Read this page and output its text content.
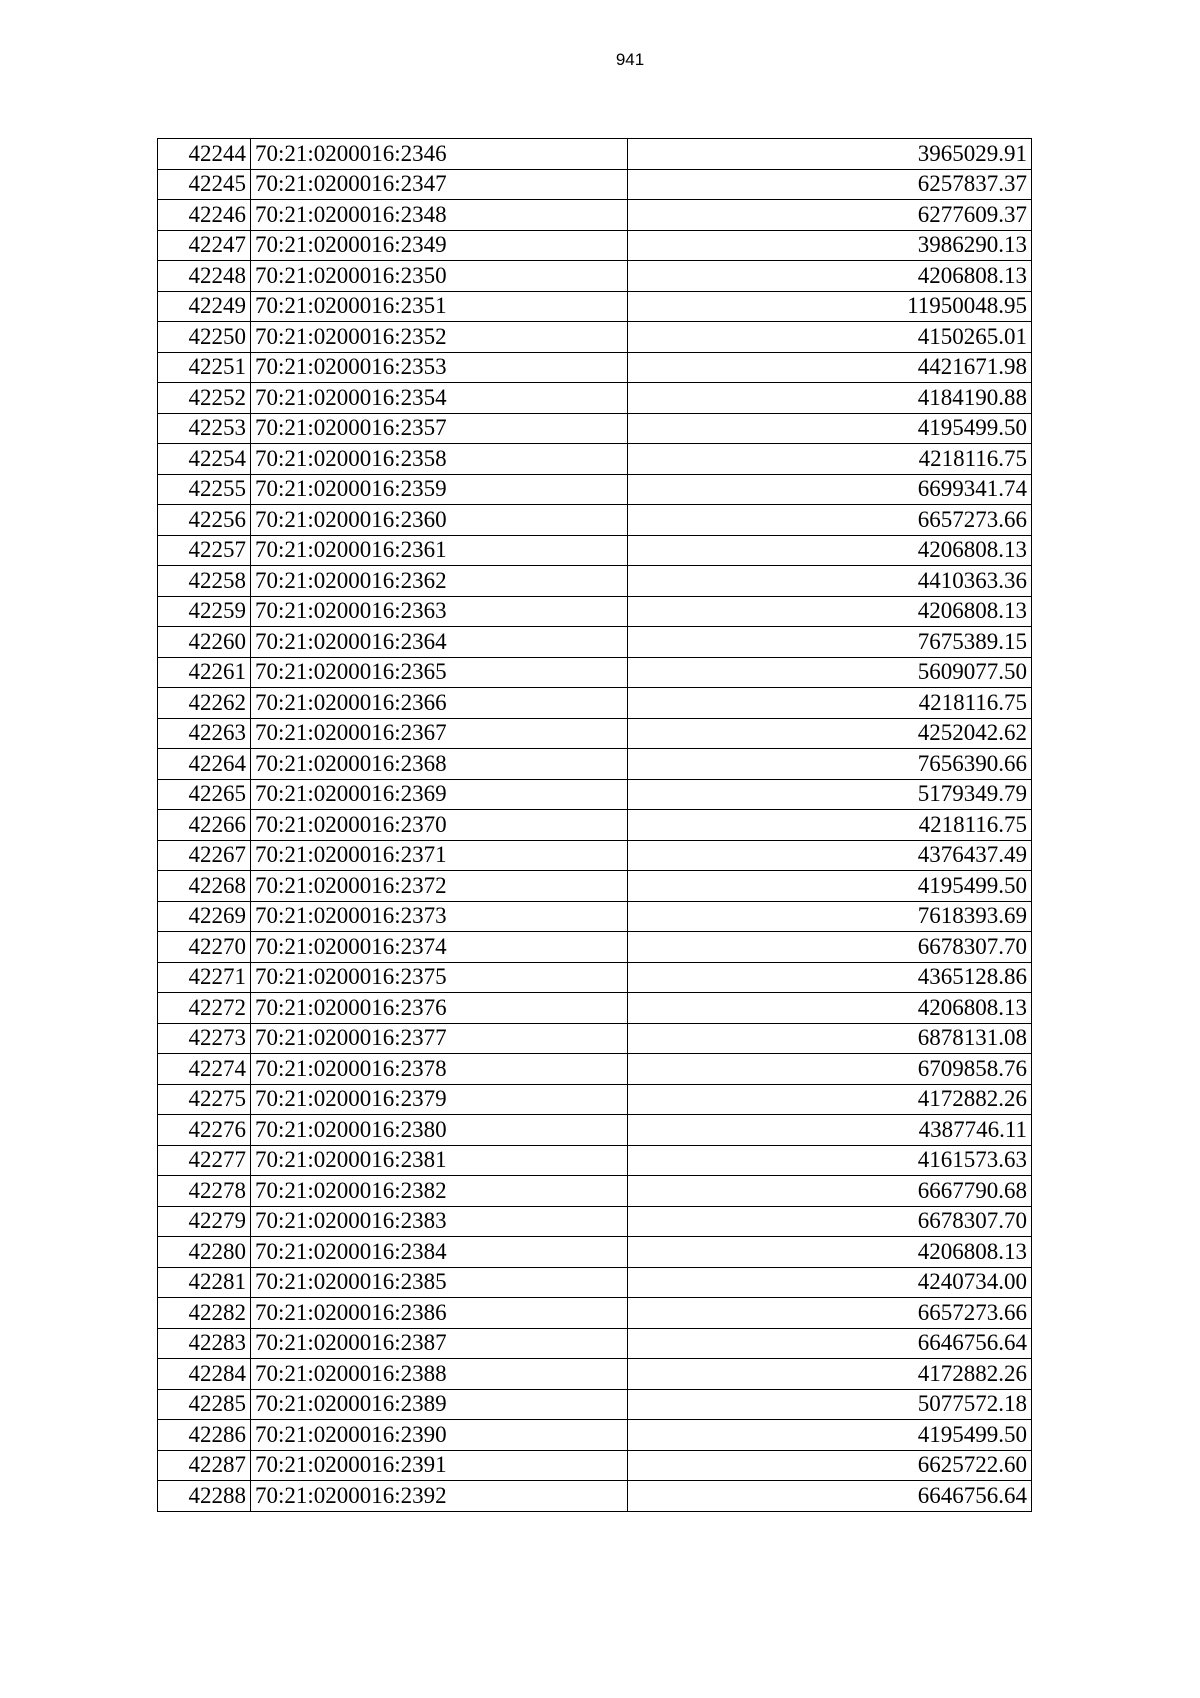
941
42244	70:21:0200016:2346	3965029.91
42245	70:21:0200016:2347	6257837.37
42246	70:21:0200016:2348	6277609.37
42247	70:21:0200016:2349	3986290.13
42248	70:21:0200016:2350	4206808.13
42249	70:21:0200016:2351	11950048.95
42250	70:21:0200016:2352	4150265.01
42251	70:21:0200016:2353	4421671.98
42252	70:21:0200016:2354	4184190.88
42253	70:21:0200016:2357	4195499.50
42254	70:21:0200016:2358	4218116.75
42255	70:21:0200016:2359	6699341.74
42256	70:21:0200016:2360	6657273.66
42257	70:21:0200016:2361	4206808.13
42258	70:21:0200016:2362	4410363.36
42259	70:21:0200016:2363	4206808.13
42260	70:21:0200016:2364	7675389.15
42261	70:21:0200016:2365	5609077.50
42262	70:21:0200016:2366	4218116.75
42263	70:21:0200016:2367	4252042.62
42264	70:21:0200016:2368	7656390.66
42265	70:21:0200016:2369	5179349.79
42266	70:21:0200016:2370	4218116.75
42267	70:21:0200016:2371	4376437.49
42268	70:21:0200016:2372	4195499.50
42269	70:21:0200016:2373	7618393.69
42270	70:21:0200016:2374	6678307.70
42271	70:21:0200016:2375	4365128.86
42272	70:21:0200016:2376	4206808.13
42273	70:21:0200016:2377	6878131.08
42274	70:21:0200016:2378	6709858.76
42275	70:21:0200016:2379	4172882.26
42276	70:21:0200016:2380	4387746.11
42277	70:21:0200016:2381	4161573.63
42278	70:21:0200016:2382	6667790.68
42279	70:21:0200016:2383	6678307.70
42280	70:21:0200016:2384	4206808.13
42281	70:21:0200016:2385	4240734.00
42282	70:21:0200016:2386	6657273.66
42283	70:21:0200016:2387	6646756.64
42284	70:21:0200016:2388	4172882.26
42285	70:21:0200016:2389	5077572.18
42286	70:21:0200016:2390	4195499.50
42287	70:21:0200016:2391	6625722.60
42288	70:21:0200016:2392	6646756.64
